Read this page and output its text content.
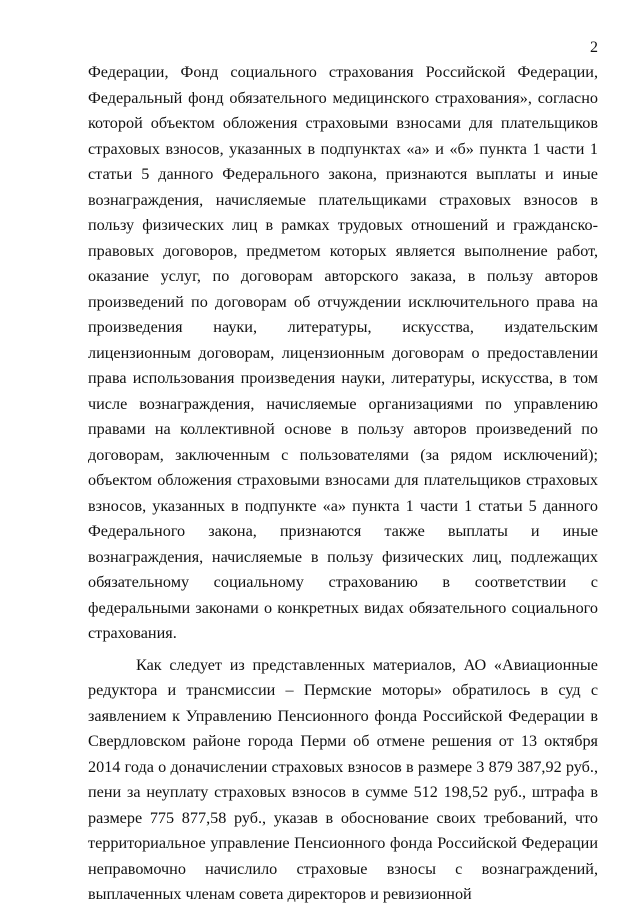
2

Федерации, Фонд социального страхования Российской Федерации, Федеральный фонд обязательного медицинского страхования», согласно которой объектом обложения страховыми взносами для плательщиков страховых взносов, указанных в подпунктах «а» и «б» пункта 1 части 1 статьи 5 данного Федерального закона, признаются выплаты и иные вознаграждения, начисляемые плательщиками страховых взносов в пользу физических лиц в рамках трудовых отношений и гражданско-правовых договоров, предметом которых является выполнение работ, оказание услуг, по договорам авторского заказа, в пользу авторов произведений по договорам об отчуждении исключительного права на произведения науки, литературы, искусства, издательским лицензионным договорам, лицензионным договорам о предоставлении права использования произведения науки, литературы, искусства, в том числе вознаграждения, начисляемые организациями по управлению правами на коллективной основе в пользу авторов произведений по договорам, заключенным с пользователями (за рядом исключений); объектом обложения страховыми взносами для плательщиков страховых взносов, указанных в подпункте «а» пункта 1 части 1 статьи 5 данного Федерального закона, признаются также выплаты и иные вознаграждения, начисляемые в пользу физических лиц, подлежащих обязательному социальному страхованию в соответствии с федеральными законами о конкретных видах обязательного социального страхования.

Как следует из представленных материалов, АО «Авиационные редуктора и трансмиссии – Пермские моторы» обратилось в суд с заявлением к Управлению Пенсионного фонда Российской Федерации в Свердловском районе города Перми об отмене решения от 13 октября 2014 года о доначислении страховых взносов в размере 3 879 387,92 руб., пени за неуплату страховых взносов в сумме 512 198,52 руб., штрафа в размере 775 877,58 руб., указав в обоснование своих требований, что территориальное управление Пенсионного фонда Российской Федерации неправомочно начислило страховые взносы с вознаграждений, выплаченных членам совета директоров и ревизионной
